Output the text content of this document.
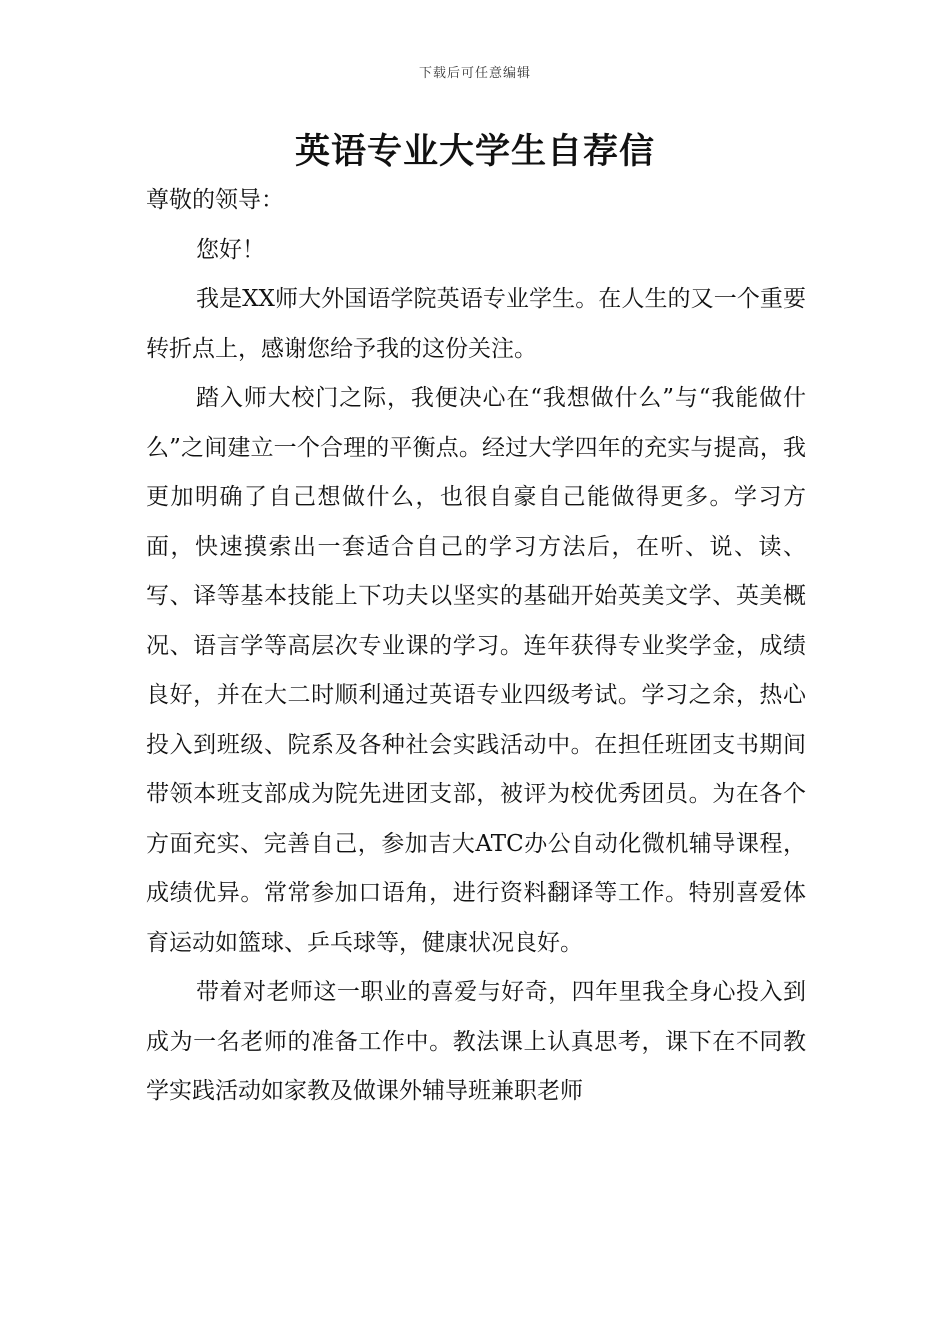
下载后可任意编辑
英语专业大学生自荐信

尊敬的领导：

您好！

我是XX师大外国语学院英语专业学生。在人生的又一个重要转折点上，感谢您给予我的这份关注。

踏入师大校门之际，我便决心在“我想做什么”与“我能做什么”之间建立一个合理的平衡点。经过大学四年的充实与提高，我更加明确了自己想做什么，也很自豪自己能做得更多。学习方面，快速摸索出一套适合自己的学习方法后，在听、说、读、写、译等基本技能上下功夫以坚实的基础开始英美文学、英美概况、语言学等高层次专业课的学习。连年获得专业奖学金，成绩良好，并在大二时顺利通过英语专业四级考试。学习之余，热心投入到班级、院系及各种社会实践活动中。在担任班团支书期间带领本班支部成为院先进团支部，被评为校优秀团员。为在各个方面充实、完善自己，参加吉大ATC办公自动化微机辅导课程，成绩优异。常常参加口语角，进行资料翻译等工作。特别喜爱体育运动如篮球、乒乓球等，健康状况良好。

带着对老师这一职业的喜爱与好奇，四年里我全身心投入到成为一名老师的准备工作中。教法课上认真思考，课下在不同教学实践活动如家教及做课外辅导班兼职老师
